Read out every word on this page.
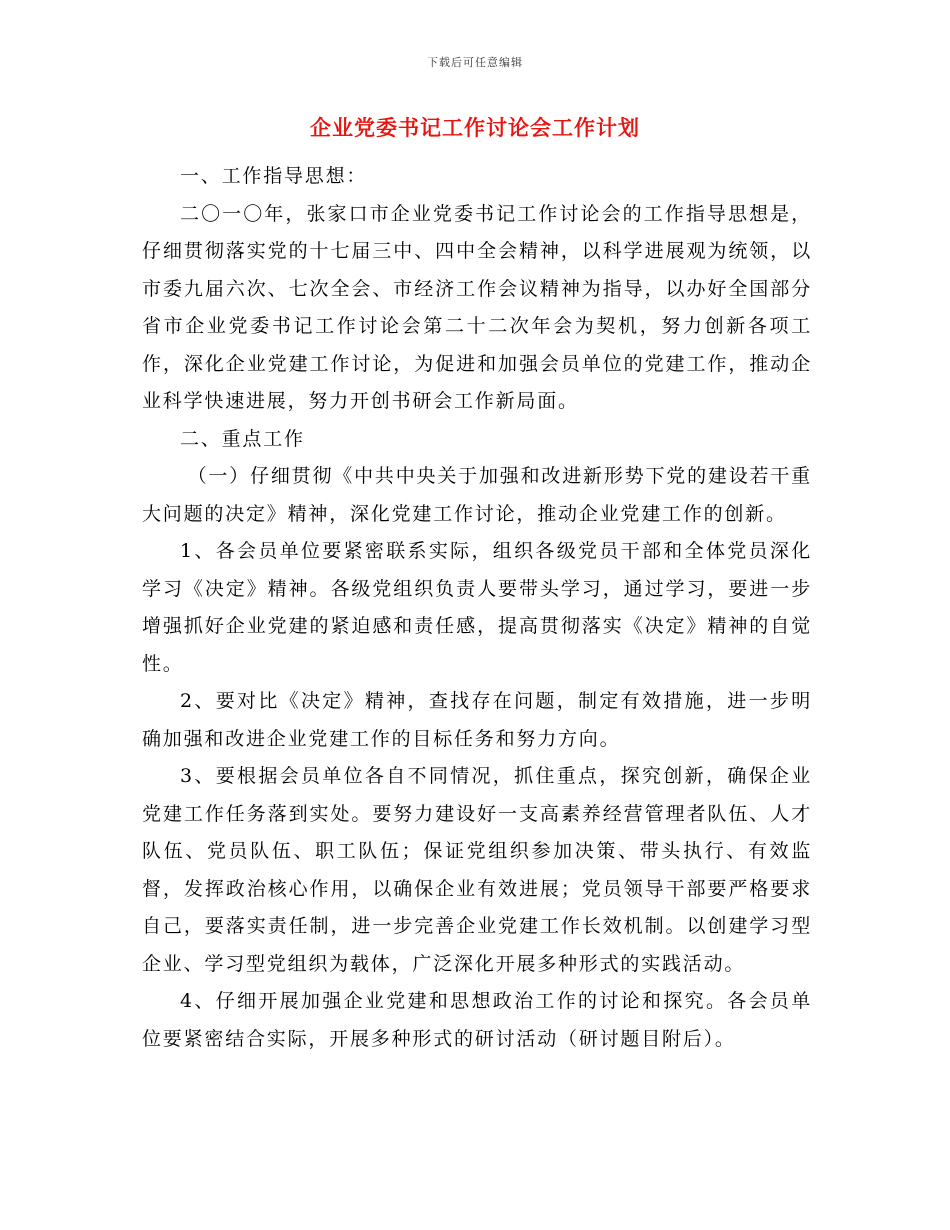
下载后可任意编辑
企业党委书记工作讨论会工作计划

一、工作指导思想：

二〇一〇年，张家口市企业党委书记工作讨论会的工作指导思想是，仔细贯彻落实党的十七届三中、四中全会精神，以科学进展观为统领，以市委九届六次、七次全会、市经济工作会议精神为指导，以办好全国部分省市企业党委书记工作讨论会第二十二次年会为契机，努力创新各项工作，深化企业党建工作讨论，为促进和加强会员单位的党建工作，推动企业科学快速进展，努力开创书研会工作新局面。

二、重点工作

（一）仔细贯彻《中共中央关于加强和改进新形势下党的建设若干重大问题的决定》精神，深化党建工作讨论，推动企业党建工作的创新。

1、各会员单位要紧密联系实际，组织各级党员干部和全体党员深化学习《决定》精神。各级党组织负责人要带头学习，通过学习，要进一步增强抓好企业党建的紧迫感和责任感，提高贯彻落实《决定》精神的自觉性。

2、要对比《决定》精神，查找存在问题，制定有效措施，进一步明确加强和改进企业党建工作的目标任务和努力方向。

3、要根据会员单位各自不同情况，抓住重点，探究创新，确保企业党建工作任务落到实处。要努力建设好一支高素养经营管理者队伍、人才队伍、党员队伍、职工队伍；保证党组织参加决策、带头执行、有效监督，发挥政治核心作用，以确保企业有效进展；党员领导干部要严格要求自己，要落实责任制，进一步完善企业党建工作长效机制。以创建学习型企业、学习型党组织为载体，广泛深化开展多种形式的实践活动。

4、仔细开展加强企业党建和思想政治工作的讨论和探究。各会员单位要紧密结合实际，开展多种形式的研讨活动（研讨题目附后）。
